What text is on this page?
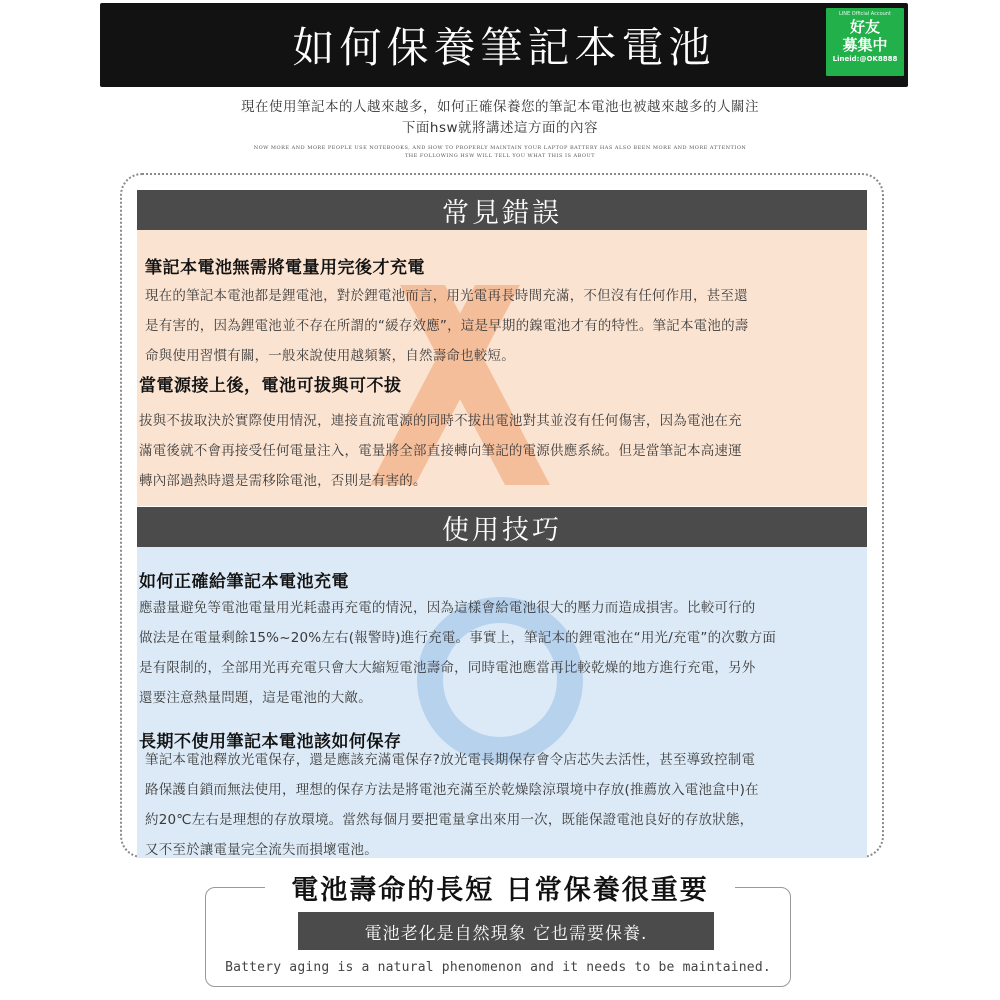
如何保養筆記本電池
LINE Official Account
好友
募集中
Lineid:@OK8888
現在使用筆記本的人越來越多，如何正確保養您的筆記本電池也被越來越多的人關注
下面hsw就將講述這方面的內容
NOW MORE AND MORE PEOPLE USE NOTEBOOKS, AND HOW TO PROPERLY MAINTAIN YOUR LAPTOP BATTERY HAS ALSO BEEN MORE AND MORE ATTENTION
THE FOLLOWING HSW WILL TELL YOU WHAT THIS IS ABOUT
常見錯誤
筆記本電池無需將電量用完後才充電
現在的筆記本電池都是鋰電池，對於鋰電池而言，用光電再長時間充滿，不但沒有任何作用，甚至還
是有害的，因為鋰電池並不存在所謂的“緩存效應”，這是早期的鎳電池才有的特性。筆記本電池的壽
命與使用習慣有關，一般來說使用越頻繁，自然壽命也較短。
當電源接上後，電池可拔與可不拔
拔與不拔取決於實際使用情況，連接直流電源的同時不拔出電池對其並沒有任何傷害，因為電池在充
滿電後就不會再接受任何電量注入，電量將全部直接轉向筆記的電源供應系統。但是當筆記本高速運
轉內部過熱時還是需移除電池，否則是有害的。
使用技巧
如何正確給筆記本電池充電
應盡量避免等電池電量用光耗盡再充電的情況，因為這樣會給電池很大的壓力而造成損害。比較可行的
做法是在電量剩餘15%~20%左右(報警時)進行充電。事實上，筆記本的鋰電池在“用光/充電”的次數方面
是有限制的，全部用光再充電只會大大縮短電池壽命，同時電池應當再比較乾燥的地方進行充電，另外
還要注意熱量問題，這是電池的大敵。
長期不使用筆記本電池該如何保存
筆記本電池釋放光電保存，還是應該充滿電保存?放光電長期保存會令店芯失去活性，甚至導致控制電
路保護自鎖而無法使用，理想的保存方法是將電池充滿至於乾燥陰涼環境中存放(推薦放入電池盒中)在
約20℃左右是理想的存放環境。當然每個月要把電量拿出來用一次，既能保證電池良好的存放狀態，
又不至於讓電量完全流失而損壞電池。
電池壽命的長短 日常保養很重要
電池老化是自然現象 它也需要保養.
Battery aging is a natural phenomenon and it needs to be maintained.
